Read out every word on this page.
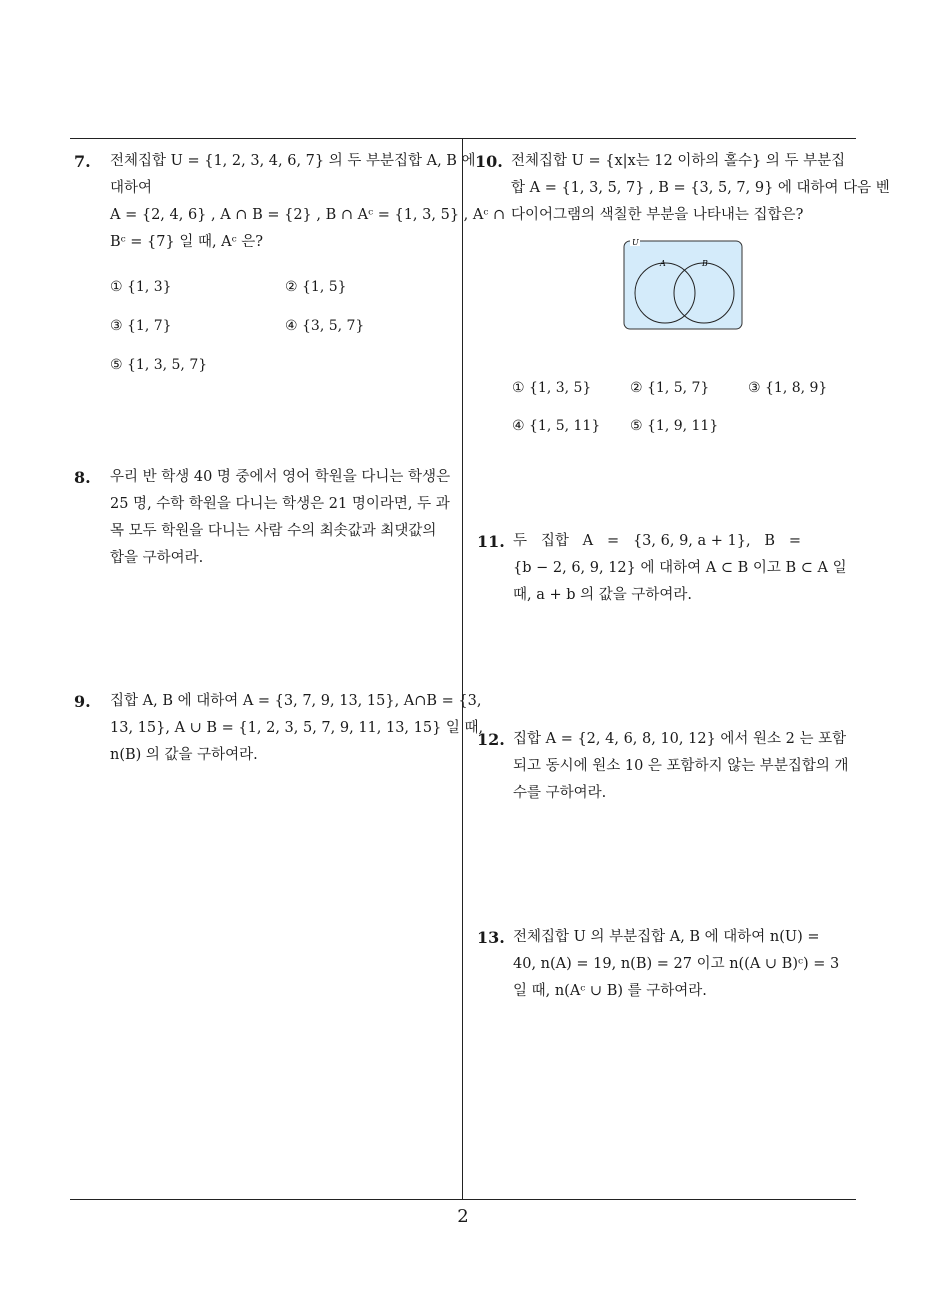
7. 전체집합 U = {1, 2, 3, 4, 6, 7} 의 두 부분집합 A, B 에
대하여
A = {2, 4, 6} , A ∩ B = {2} , B ∩ Aᶜ = {1, 3, 5} , Aᶜ ∩
Bᶜ = {7} 일 때, Aᶜ 은?
① {1, 3}	② {1, 5}
③ {1, 7}	④ {3, 5, 7}
⑤ {1, 3, 5, 7}
8. 우리 반 학생 40 명 중에서 영어 학원을 다니는 학생은
25 명, 수학 학원을 다니는 학생은 21 명이라면, 두 과
목 모두 학원을 다니는 사람 수의 최솟값과 최댓값의
합을 구하여라.
9. 집합 A, B 에 대하여 A = {3, 7, 9, 13, 15}, A∩B = {3,
13, 15}, A ∪ B = {1, 2, 3, 5, 7, 9, 11, 13, 15} 일 때,
n(B) 의 값을 구하여라.
10. 전체집합 U = {x|x는 12 이하의 홀수} 의 두 부분집
합 A = {1, 3, 5, 7} , B = {3, 5, 7, 9} 에 대하여 다음 벤
다이어그램의 색칠한 부분을 나타내는 집합은?
U
A	B
① {1, 3, 5}	② {1, 5, 7}	③ {1, 8, 9}
④ {1, 5, 11} ⑤ {1, 9, 11}
11. 두   집합   A   =   {3, 6, 9, a + 1},   B   =
{b − 2, 6, 9, 12} 에 대하여 A ⊂ B 이고 B ⊂ A 일
때, a + b 의 값을 구하여라.
12. 집합 A = {2, 4, 6, 8, 10, 12} 에서 원소 2 는 포함
되고 동시에 원소 10 은 포함하지 않는 부분집합의 개
수를 구하여라.
13. 전체집합 U 의 부분집합 A, B 에 대하여 n(U) =
40, n(A) = 19, n(B) = 27 이고 n((A ∪ B)ᶜ) = 3
일 때, n(Aᶜ ∪ B) 를 구하여라.
2
